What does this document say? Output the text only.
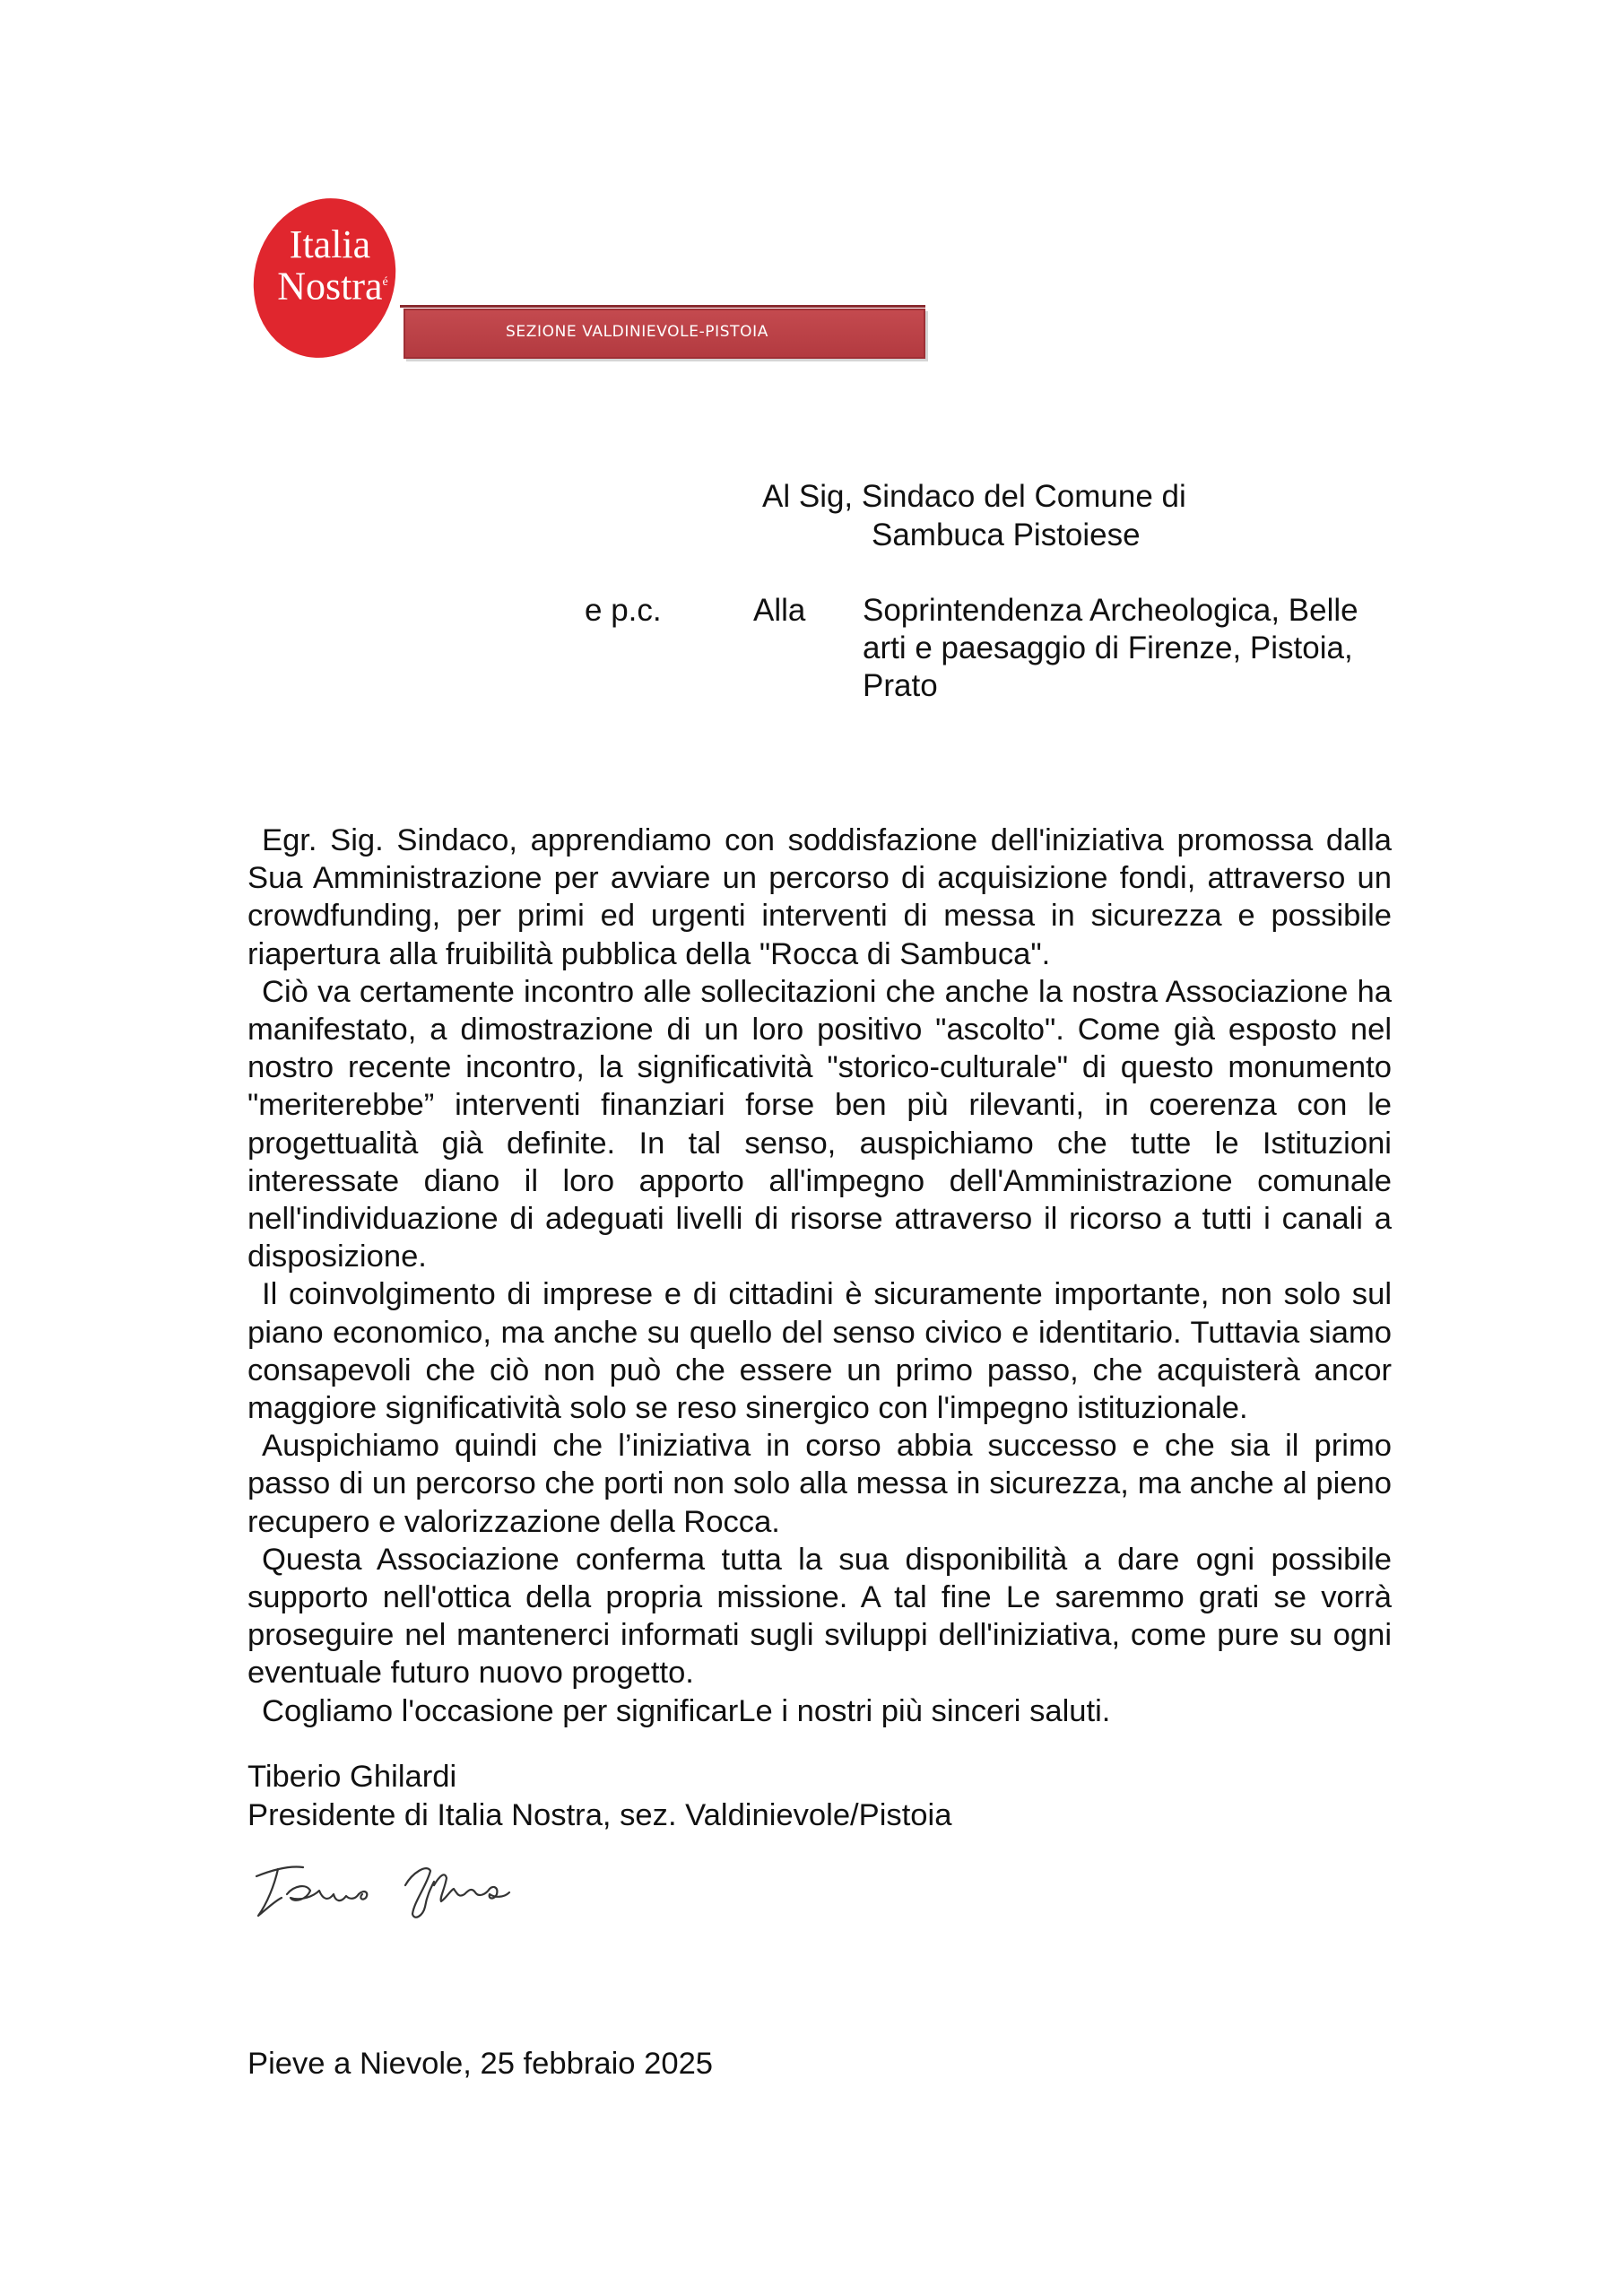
Italia
Nostra$^é$
SEZIONE VALDINIEVOLE-PISTOIA
Al Sig, Sindaco del Comune di
Sambuca Pistoiese
e p.c.	Alla Soprintendenza Archeologica, Belle
arti e paesaggio di Firenze, Pistoia,
Prato

Egr. Sig. Sindaco, apprendiamo con soddisfazione dell'iniziativa promossa dalla Sua Amministrazione per avviare un percorso di acquisizione fondi, attraverso un crowdfunding, per primi ed urgenti interventi di messa in sicurezza e possibile riapertura alla fruibilità pubblica della "Rocca di Sambuca".

Ciò va certamente incontro alle sollecitazioni che anche la nostra Associazione ha manifestato, a dimostrazione di un loro positivo "ascolto". Come già esposto nel nostro recente incontro, la significatività "storico-culturale" di questo monumento "meriterebbe” interventi finanziari forse ben più rilevanti, in coerenza con le progettualità già definite. In tal senso, auspichiamo che tutte le Istituzioni interessate diano il loro apporto all'impegno dell'Amministrazione comunale nell'individuazione di adeguati livelli di risorse attraverso il ricorso a tutti i canali a disposizione.

Il coinvolgimento di imprese e di cittadini è sicuramente importante, non solo sul piano economico, ma anche su quello del senso civico e identitario. Tuttavia siamo consapevoli che ciò non può che essere un primo passo, che acquisterà ancor maggiore significatività solo se reso sinergico con l'impegno istituzionale.

Auspichiamo quindi che l’iniziativa in corso abbia successo e che sia il primo passo di un percorso che porti non solo alla messa in sicurezza, ma anche al pieno recupero e valorizzazione della Rocca.

Questa Associazione conferma tutta la sua disponibilità a dare ogni possibile supporto nell'ottica della propria missione. A tal fine Le saremmo grati se vorrà proseguire nel mantenerci informati sugli sviluppi dell'iniziativa, come pure su ogni eventuale futuro nuovo progetto.

Cogliamo l'occasione per significarLe i nostri più sinceri saluti.

Tiberio Ghilardi
Presidente di Italia Nostra, sez. Valdinievole/Pistoia
Pieve a Nievole, 25 febbraio 2025
